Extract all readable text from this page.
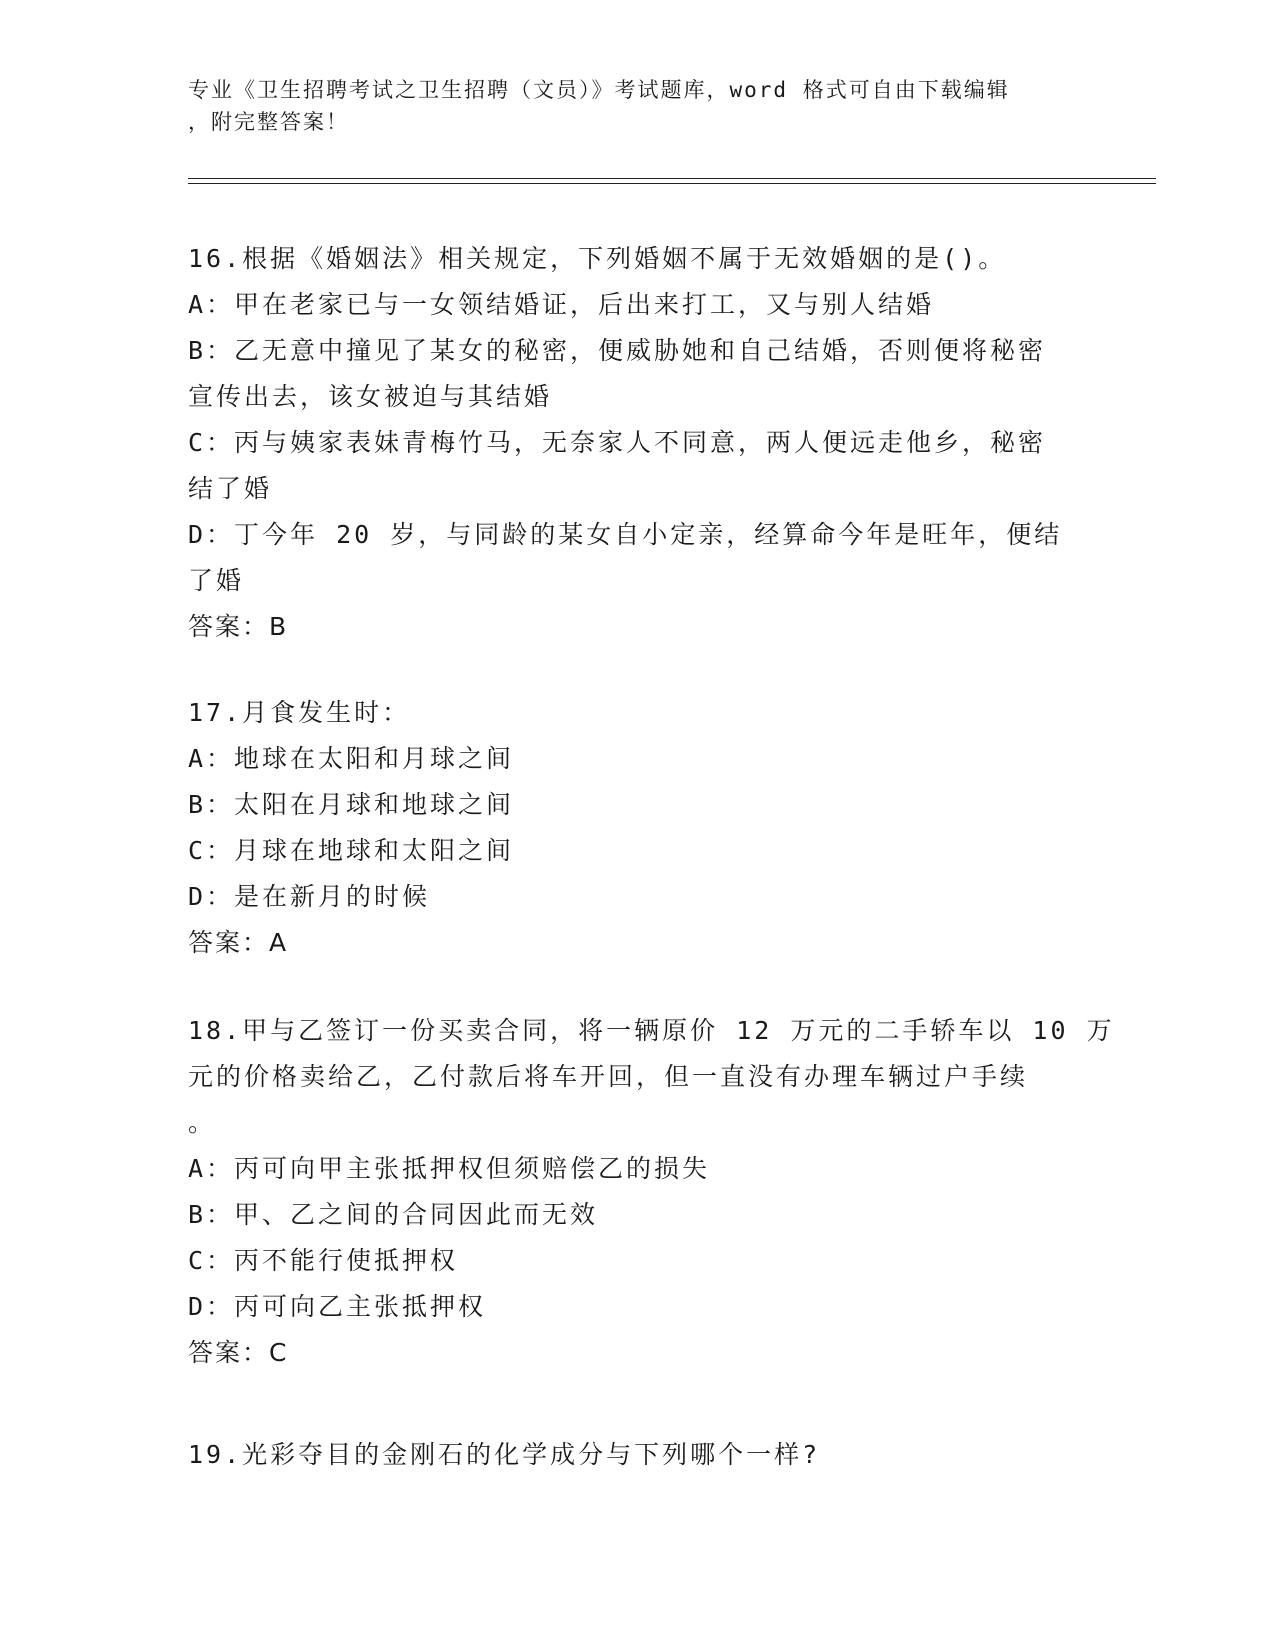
专业《卫生招聘考试之卫生招聘（文员）》考试题库，word 格式可自由下载编辑
，附完整答案！
16.根据《婚姻法》相关规定，下列婚姻不属于无效婚姻的是()。
A：甲在老家已与一女领结婚证，后出来打工，又与别人结婚
B：乙无意中撞见了某女的秘密，便威胁她和自己结婚，否则便将秘密
宣传出去，该女被迫与其结婚
C：丙与姨家表妹青梅竹马，无奈家人不同意，两人便远走他乡，秘密
结了婚
D：丁今年 20 岁，与同龄的某女自小定亲，经算命今年是旺年，便结
了婚
答案：B
17.月食发生时：
A：地球在太阳和月球之间
B：太阳在月球和地球之间
C：月球在地球和太阳之间
D：是在新月的时候
答案：A
18.甲与乙签订一份买卖合同，将一辆原价 12 万元的二手轿车以 10 万
元的价格卖给乙，乙付款后将车开回，但一直没有办理车辆过户手续
。
A：丙可向甲主张抵押权但须赔偿乙的损失
B：甲、乙之间的合同因此而无效
C：丙不能行使抵押权
D：丙可向乙主张抵押权
答案：C
19.光彩夺目的金刚石的化学成分与下列哪个一样?
